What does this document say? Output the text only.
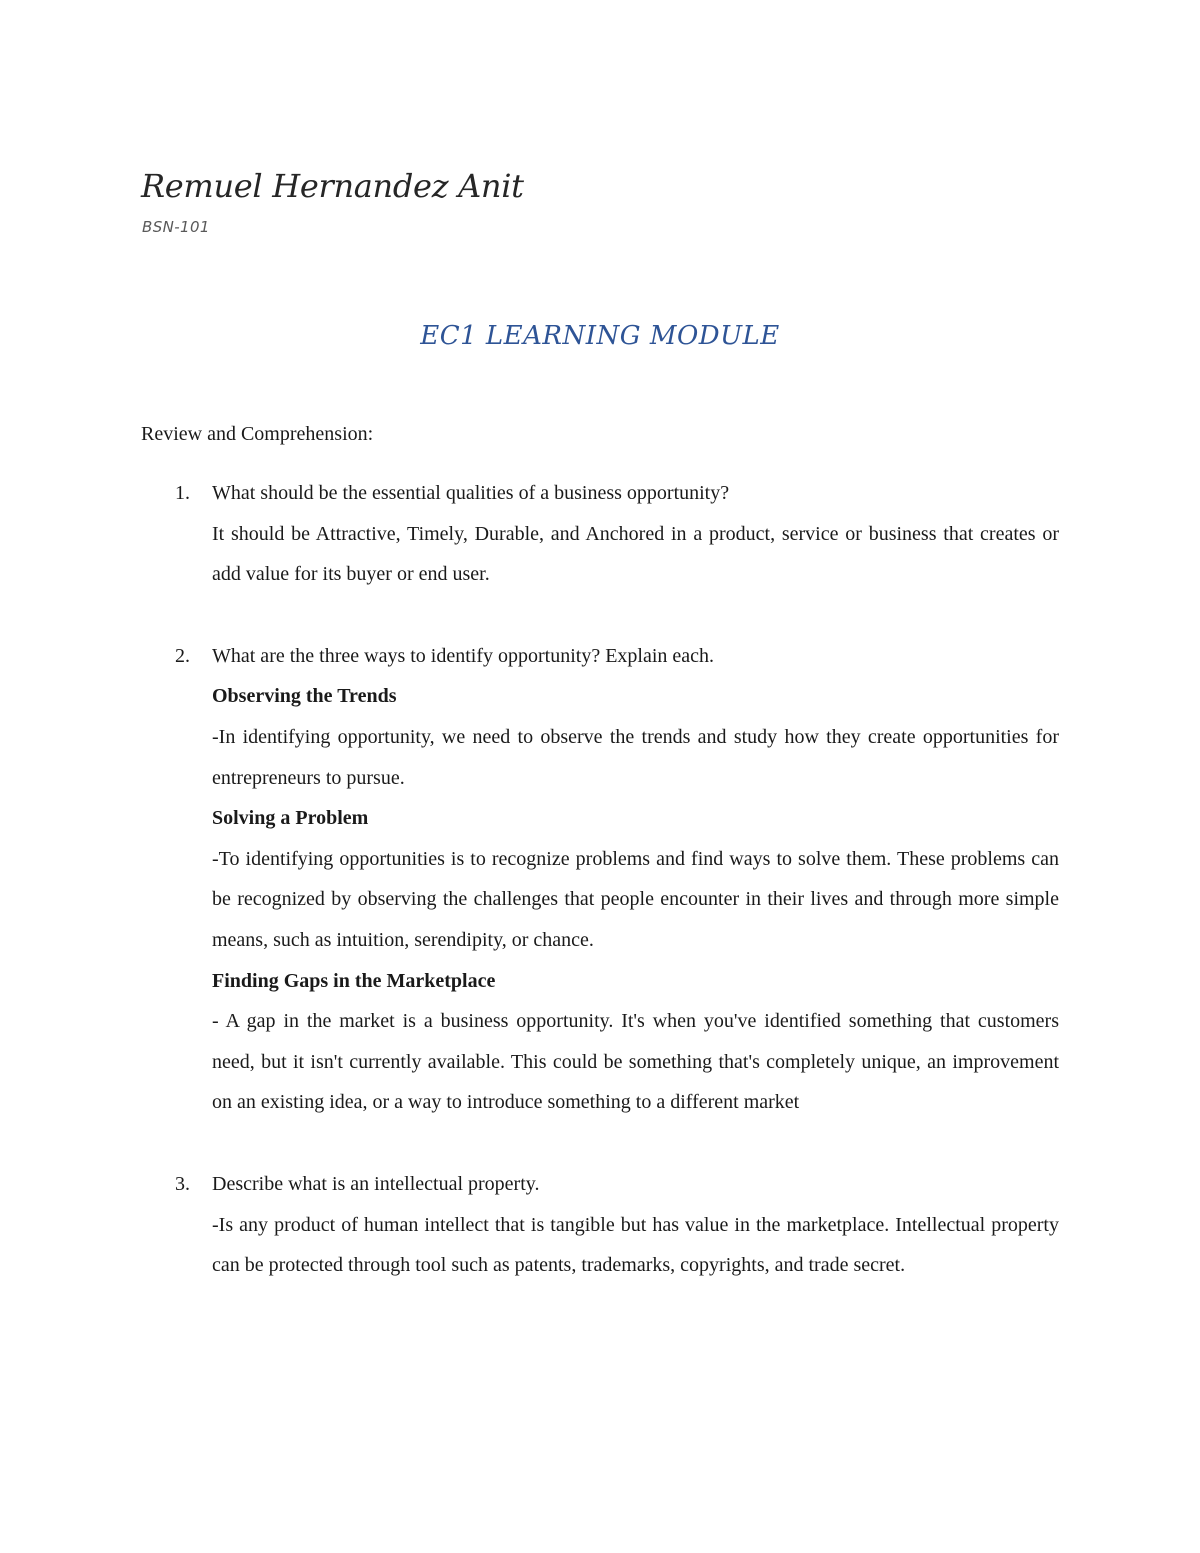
Remuel Hernandez Anit

BSN-101

EC1 LEARNING MODULE

Review and Comprehension:

1. What should be the essential qualities of a business opportunity?
It should be Attractive, Timely, Durable, and Anchored in a product, service or business that creates or add value for its buyer or end user.
2. What are the three ways to identify opportunity? Explain each.
Observing the Trends
-In identifying opportunity, we need to observe the trends and study how they create opportunities for entrepreneurs to pursue.
Solving a Problem
-To identifying opportunities is to recognize problems and find ways to solve them. These problems can be recognized by observing the challenges that people encounter in their lives and through more simple means, such as intuition, serendipity, or chance.
Finding Gaps in the Marketplace
- A gap in the market is a business opportunity. It's when you've identified something that customers need, but it isn't currently available. This could be something that's completely unique, an improvement on an existing idea, or a way to introduce something to a different market
3. Describe what is an intellectual property.
-Is any product of human intellect that is tangible but has value in the marketplace. Intellectual property can be protected through tool such as patents, trademarks, copyrights, and trade secret.
